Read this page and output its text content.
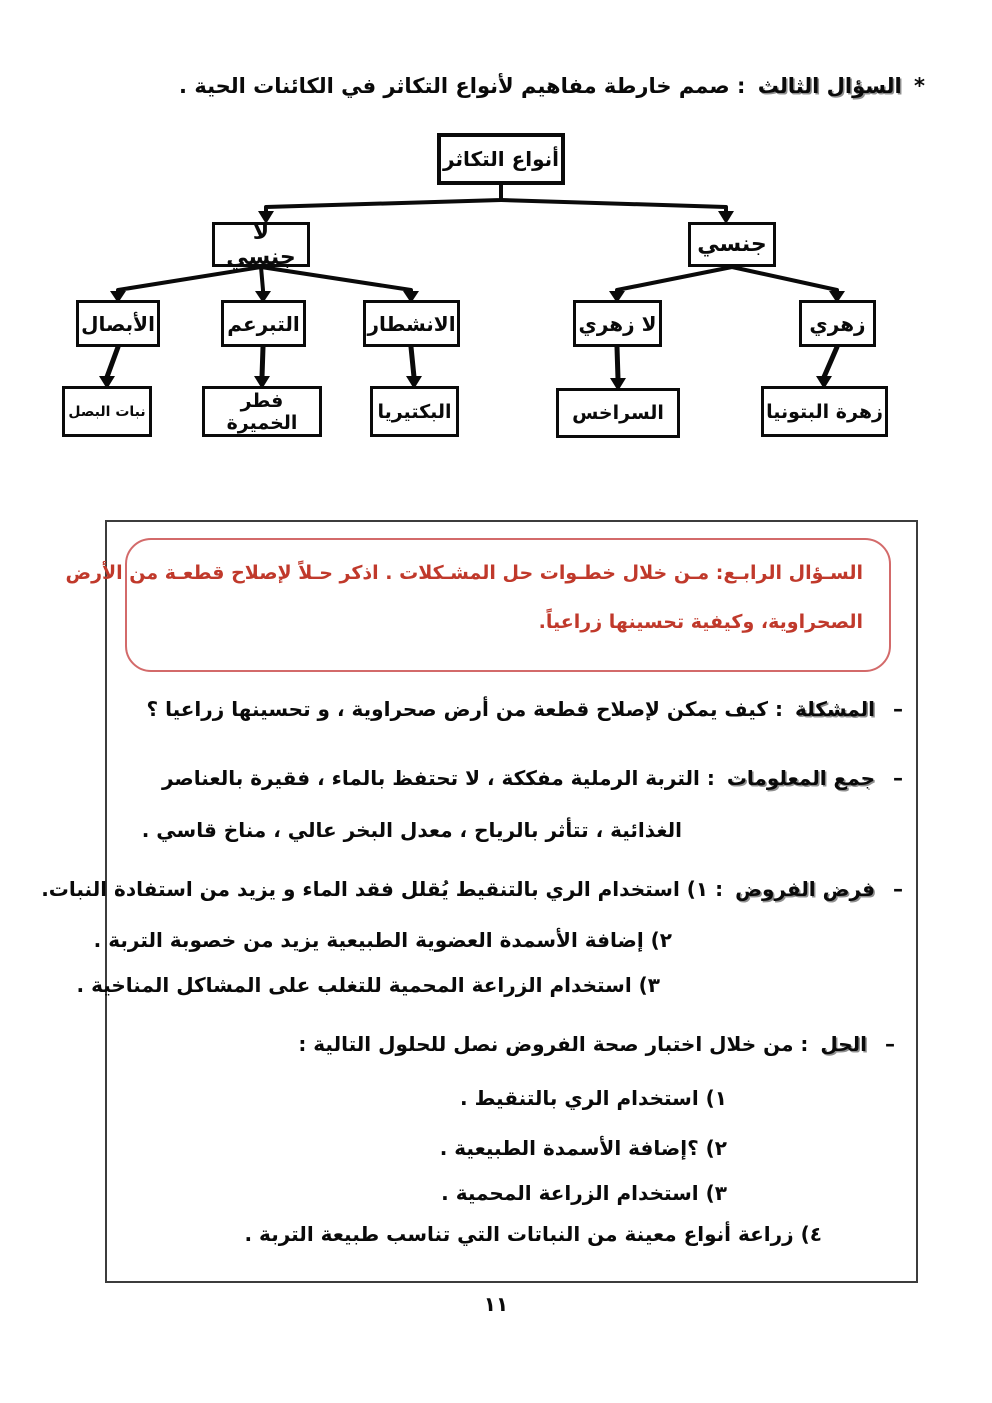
* السؤال الثالث : صمم خارطة مفاهيم لأنواع التكاثر في الكائنات الحية .
أنواع التكاثر
لا جنسي	جنسي
الأبصال	التبرعم	الانشطار	لا زهري	زهري
نبات البصل	فطر الخميرة	البكتيريا	السراخس	زهرة البتونيا
السـؤال الرابـع: مـن خلال خطـوات حل المشـكلات . اذكر حـلاً لإصلاح قطعـة من الأرض
الصحراوية، وكيفية تحسينها زراعياً.
– المشكلة : كيف يمكن لإصلاح قطعة من أرض صحراوية ، و تحسينها زراعيا ؟
– جمع المعلومات : التربة الرملية مفككة ، لا تحتفظ بالماء ، فقيرة بالعناصر
الغذائية ، تتأثر بالرياح ، معدل البخر عالي ، مناخ قاسي .
– فرض الفروض : ١) استخدام الري بالتنقيط يُقلل فقد الماء و يزيد من استفادة النبات.
٢) إضافة الأسمدة العضوية الطبيعية يزيد من خصوبة التربة .
٣) استخدام الزراعة المحمية للتغلب على المشاكل المناخية .
– الحل : من خلال اختبار صحة الفروض نصل للحلول التالية :
١) استخدام الري بالتنقيط .
٢) ؟إضافة الأسمدة الطبيعية .
٣) استخدام الزراعة المحمية .
٤) زراعة أنواع معينة من النباتات التي تناسب طبيعة التربة .
١١
